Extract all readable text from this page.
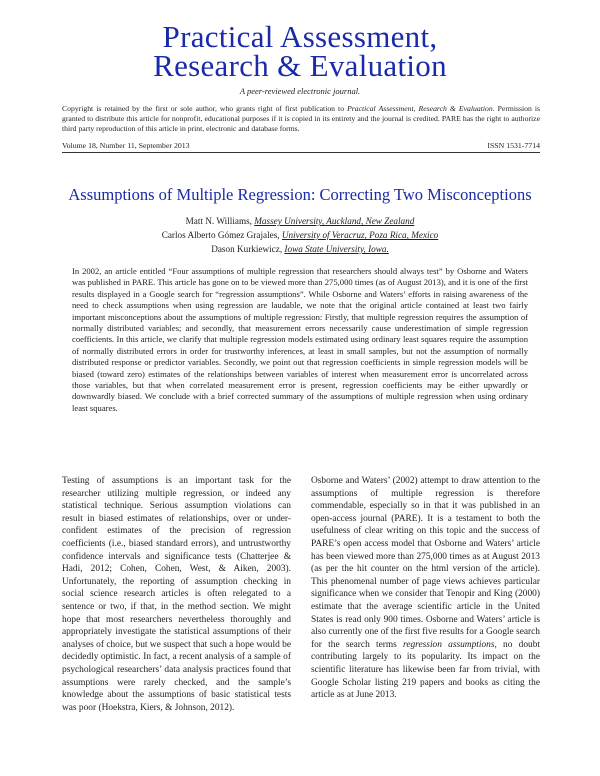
Practical Assessment,
Research & Evaluation
A peer-reviewed electronic journal.
Copyright is retained by the first or sole author, who grants right of first publication to Practical Assessment, Research & Evaluation. Permission is granted to distribute this article for nonprofit, educational purposes if it is copied in its entirety and the journal is credited. PARE has the right to authorize third party reproduction of this article in print, electronic and database forms.
Volume 18, Number 11, September 2013	ISSN 1531-7714
Assumptions of Multiple Regression: Correcting Two Misconceptions
Matt N. Williams, Massey University, Auckland, New Zealand
Carlos Alberto Gómez Grajales, University of Veracruz, Poza Rica, Mexico
Dason Kurkiewicz, Iowa State University, Iowa.

In 2002, an article entitled “Four assumptions of multiple regression that researchers should always test” by Osborne and Waters was published in PARE. This article has gone on to be viewed more than 275,000 times (as of August 2013), and it is one of the first results displayed in a Google search for “regression assumptions”. While Osborne and Waters’ efforts in raising awareness of the need to check assumptions when using regression are laudable, we note that the original article contained at least two fairly important misconceptions about the assumptions of multiple regression: Firstly, that multiple regression requires the assumption of normally distributed variables; and secondly, that measurement errors necessarily cause underestimation of simple regression coefficients. In this article, we clarify that multiple regression models estimated using ordinary least squares require the assumption of normally distributed errors in order for trustworthy inferences, at least in small samples, but not the assumption of normally distributed response or predictor variables. Secondly, we point out that regression coefficients in simple regression models will be biased (toward zero) estimates of the relationships between variables of interest when measurement error is uncorrelated across those variables, but that when correlated measurement error is present, regression coefficients may be either upwardly or downwardly biased. We conclude with a brief corrected summary of the assumptions of multiple regression when using ordinary least squares.

Testing of assumptions is an important task for the researcher utilizing multiple regression, or indeed any statistical technique. Serious assumption violations can result in biased estimates of relationships, over or under-confident estimates of the precision of regression coefficients (i.e., biased standard errors), and untrustworthy confidence intervals and significance tests (Chatterjee & Hadi, 2012; Cohen, Cohen, West, & Aiken, 2003). Unfortunately, the reporting of assumption checking in social science research articles is often relegated to a sentence or two, if that, in the method section. We might hope that most researchers nevertheless thoroughly and appropriately investigate the statistical assumptions of their analyses of choice, but we suspect that such a hope would be decidedly optimistic. In fact, a recent analysis of a sample of psychological researchers’ data analysis practices found that assumptions were rarely checked, and the sample’s knowledge about the assumptions of basic statistical tests was poor (Hoekstra, Kiers, & Johnson, 2012).

Osborne and Waters’ (2002) attempt to draw attention to the assumptions of multiple regression is therefore commendable, especially so in that it was published in an open-access journal (PARE). It is a testament to both the usefulness of clear writing on this topic and the success of PARE’s open access model that Osborne and Waters’ article has been viewed more than 275,000 times as at August 2013 (as per the hit counter on the html version of the article). This phenomenal number of page views achieves particular significance when we consider that Tenopir and King (2000) estimate that the average scientific article in the United States is read only 900 times. Osborne and Waters’ article is also currently one of the first five results for a Google search for the search terms regression assumptions, no doubt contributing largely to its popularity. Its impact on the scientific literature has likewise been far from trivial, with Google Scholar listing 219 papers and books as citing the article as at June 2013.
